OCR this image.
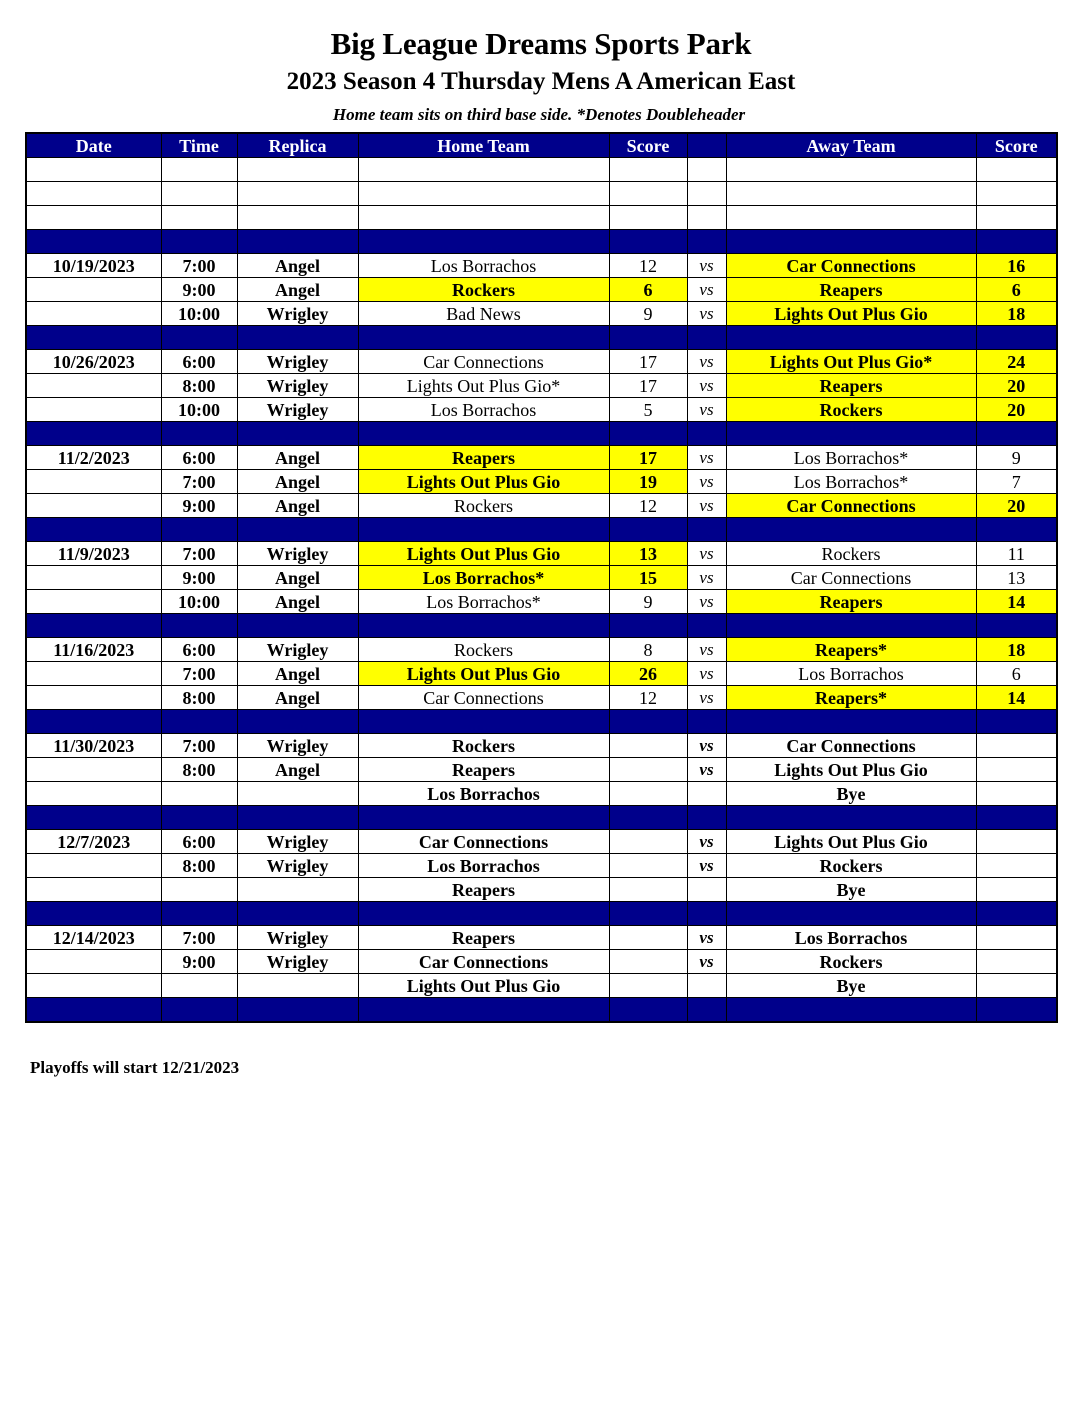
Big League Dreams Sports Park
2023 Season 4 Thursday Mens A American East
Home team sits on third base side. *Denotes Doubleheader
Date	Time	Replica	Home Team	Score		Away Team	Score

10/19/2023	7:00	Angel	Los Borrachos	12	vs	Car Connections	16
	9:00	Angel	Rockers	6	vs	Reapers	6
	10:00	Wrigley	Bad News	9	vs	Lights Out Plus Gio	18

10/26/2023	6:00	Wrigley	Car Connections	17	vs	Lights Out Plus Gio*	24
	8:00	Wrigley	Lights Out Plus Gio*	17	vs	Reapers	20
	10:00	Wrigley	Los Borrachos	5	vs	Rockers	20

11/2/2023	6:00	Angel	Reapers	17	vs	Los Borrachos*	9
	7:00	Angel	Lights Out Plus Gio	19	vs	Los Borrachos*	7
	9:00	Angel	Rockers	12	vs	Car Connections	20

11/9/2023	7:00	Wrigley	Lights Out Plus Gio	13	vs	Rockers	11
	9:00	Angel	Los Borrachos*	15	vs	Car Connections	13
	10:00	Angel	Los Borrachos*	9	vs	Reapers	14

11/16/2023	6:00	Wrigley	Rockers	8	vs	Reapers*	18
	7:00	Angel	Lights Out Plus Gio	26	vs	Los Borrachos	6
	8:00	Angel	Car Connections	12	vs	Reapers*	14

11/30/2023	7:00	Wrigley	Rockers		vs	Car Connections	
	8:00	Angel	Reapers		vs	Lights Out Plus Gio	
			Los Borrachos			Bye	

12/7/2023	6:00	Wrigley	Car Connections		vs	Lights Out Plus Gio	
	8:00	Wrigley	Los Borrachos		vs	Rockers	
			Reapers			Bye	

12/14/2023	7:00	Wrigley	Reapers		vs	Los Borrachos	
	9:00	Wrigley	Car Connections		vs	Rockers	
			Lights Out Plus Gio			Bye	

Playoffs will start 12/21/2023
